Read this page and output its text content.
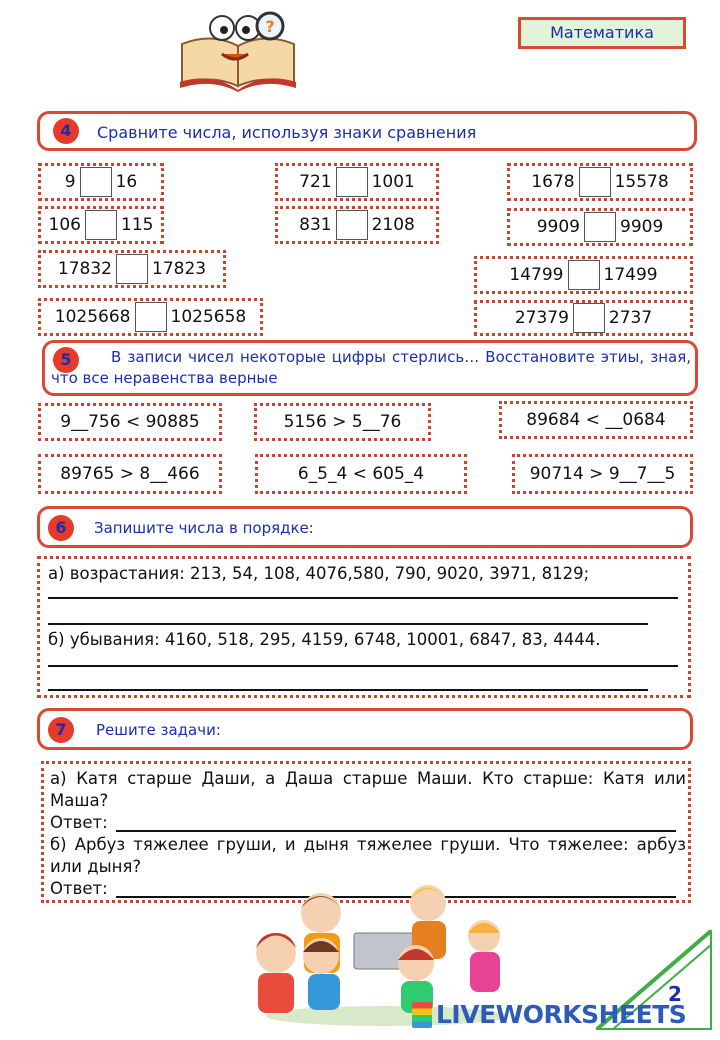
?	Математика
4	Сравните числа, используя знаки сравнения
9 16
106 115
17832 17823
1025668 1025658
721 1001
831 2108
1678 15578
9909 9909
14799 17499
27379 2737
5	В записи чисел некоторые цифры стерлись… Восстановите этиы, зная, что все неравенства верные
9__756 < 90885	5156 > 5__76	89684 < __0684
89765 > 8__466	6_5_4 < 605_4	90714 > 9__7__5
6	Запишите числа в порядке:
а) возрастания: 213, 54, 108, 4076,580, 790, 9020, 3971, 8129;
б) убывания: 4160, 518, 295, 4159, 6748, 10001, 6847, 83, 4444.
7	Решите задачи:
а) Катя старше Даши, а Даша старше Маши. Кто старше: Катя или Маша?
Ответ:
б) Арбуз тяжелее груши, и дыня тяжелее груши. Что тяжелее: арбуз или дыня?
Ответ:
2
LIVEWORKSHEETS
